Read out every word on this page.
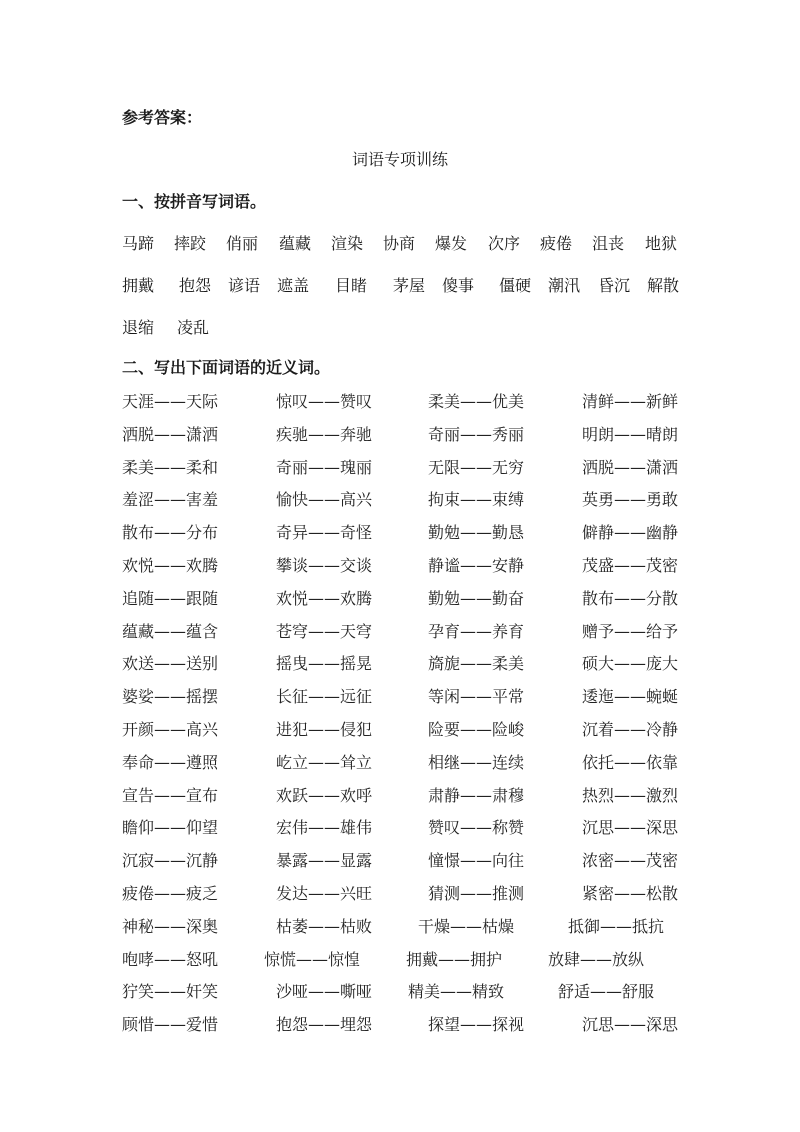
参考答案：
词语专项训练
一、按拼音写词语。
马蹄 摔跤 俏丽 蕴藏 渲染 协商 爆发 次序 疲倦 沮丧 地狱
拥戴 抱怨 谚语 遮盖 目睹 茅屋 傻事 僵硬 潮汛 昏沉 解散
退缩 凌乱
二、写出下面词语的近义词。
天涯——天际	惊叹——赞叹	柔美——优美	清鲜——新鲜
洒脱——潇洒	疾驰——奔驰	奇丽——秀丽	明朗——晴朗
柔美——柔和	奇丽——瑰丽	无限——无穷	洒脱——潇洒
羞涩——害羞	愉快——高兴	拘束——束缚	英勇——勇敢
散布——分布	奇异——奇怪	勤勉——勤恳	僻静——幽静
欢悦——欢腾	攀谈——交谈	静谧——安静	茂盛——茂密
追随——跟随	欢悦——欢腾	勤勉——勤奋	散布——分散
蕴藏——蕴含	苍穹——天穹	孕育——养育	赠予——给予
欢送——送别	摇曳——摇晃	旖旎——柔美	硕大——庞大
婆娑——摇摆	长征——远征	等闲——平常	逶迤——蜿蜒
开颜——高兴	进犯——侵犯	险要——险峻	沉着——冷静
奉命——遵照	屹立——耸立	相继——连续	依托——依靠
宣告——宣布	欢跃——欢呼	肃静——肃穆	热烈——激烈
瞻仰——仰望	宏伟——雄伟	赞叹——称赞	沉思——深思
沉寂——沉静	暴露——显露	憧憬——向往	浓密——茂密
疲倦——疲乏	发达——兴旺	猜测——推测	紧密——松散
神秘——深奥	枯萎——枯败	干燥——枯燥	抵御——抵抗
咆哮——怒吼	惊慌——惊惶	拥戴——拥护	放肆——放纵
狞笑——奸笑	沙哑——嘶哑 精美——精致	舒适——舒服
顾惜——爱惜	抱怨——埋怨	探望——探视	沉思——深思
